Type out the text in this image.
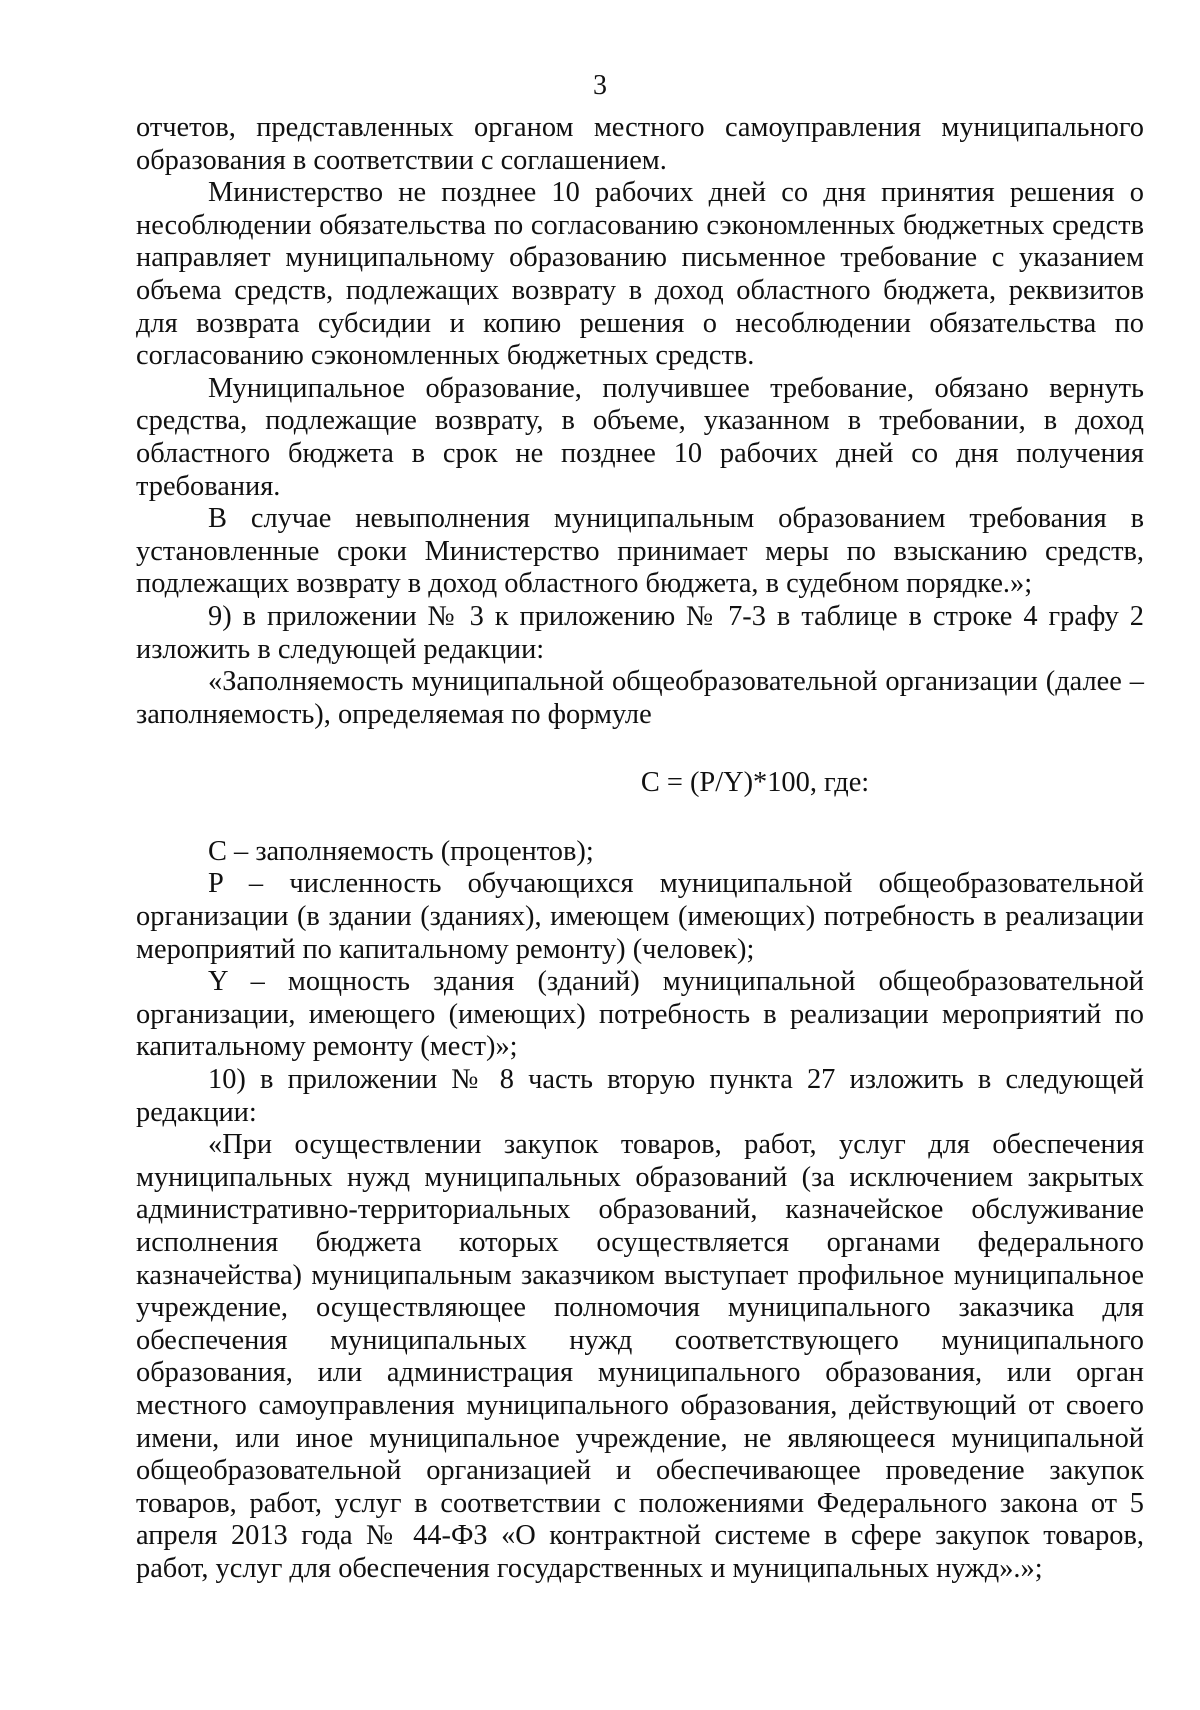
3

отчетов, представленных органом местного самоуправления муниципального образования в соответствии с соглашением.

Министерство не позднее 10 рабочих дней со дня принятия решения о несоблюдении обязательства по согласованию сэкономленных бюджетных средств направляет муниципальному образованию письменное требование с указанием объема средств, подлежащих возврату в доход областного бюджета, реквизитов для возврата субсидии и копию решения о несоблюдении обязательства по согласованию сэкономленных бюджетных средств.

Муниципальное образование, получившее требование, обязано вернуть средства, подлежащие возврату, в объеме, указанном в требовании, в доход областного бюджета в срок не позднее 10 рабочих дней со дня получения требования.

В случае невыполнения муниципальным образованием требования в установленные сроки Министерство принимает меры по взысканию средств, подлежащих возврату в доход областного бюджета, в судебном порядке.»;

9) в приложении № 3 к приложению № 7-3 в таблице в строке 4 графу 2 изложить в следующей редакции:

«Заполняемость муниципальной общеобразовательной организации (далее – заполняемость), определяемая по формуле

C = (P/Y)*100, где:

C – заполняемость (процентов);

P – численность обучающихся муниципальной общеобразовательной организации (в здании (зданиях), имеющем (имеющих) потребность в реализации мероприятий по капитальному ремонту) (человек);

Y – мощность здания (зданий) муниципальной общеобразовательной организации, имеющего (имеющих) потребность в реализации мероприятий по капитальному ремонту (мест)»;

10) в приложении № 8 часть вторую пункта 27 изложить в следующей редакции:

«При осуществлении закупок товаров, работ, услуг для обеспечения муниципальных нужд муниципальных образований (за исключением закрытых административно-территориальных образований, казначейское обслуживание исполнения бюджета которых осуществляется органами федерального казначейства) муниципальным заказчиком выступает профильное муниципальное учреждение, осуществляющее полномочия муниципального заказчика для обеспечения муниципальных нужд соответствующего муниципального образования, или администрация муниципального образования, или орган местного самоуправления муниципального образования, действующий от своего имени, или иное муниципальное учреждение, не являющееся муниципальной общеобразовательной организацией и обеспечивающее проведение закупок товаров, работ, услуг в соответствии с положениями Федерального закона от 5 апреля 2013 года № 44-ФЗ «О контрактной системе в сфере закупок товаров, работ, услуг для обеспечения государственных и муниципальных нужд».»;
